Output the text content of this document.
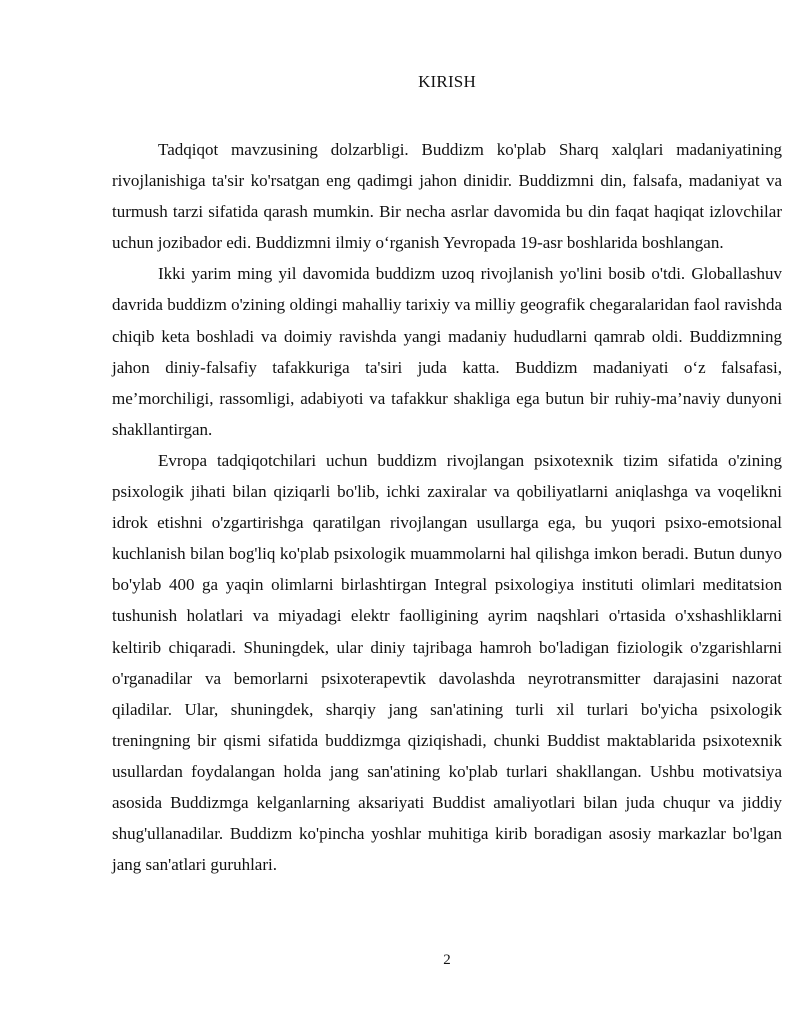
KIRISH

Tadqiqot mavzusining dolzarbligi. Buddizm ko'plab Sharq xalqlari madaniyatining rivojlanishiga ta'sir ko'rsatgan eng qadimgi jahon dinidir. Buddizmni din, falsafa, madaniyat va turmush tarzi sifatida qarash mumkin. Bir necha asrlar davomida bu din faqat haqiqat izlovchilar uchun jozibador edi. Buddizmni ilmiy o‘rganish Yevropada 19-asr boshlarida boshlangan.

Ikki yarim ming yil davomida buddizm uzoq rivojlanish yo'lini bosib o'tdi. Globallashuv davrida buddizm o'zining oldingi mahalliy tarixiy va milliy geografik chegaralaridan faol ravishda chiqib keta boshladi va doimiy ravishda yangi madaniy hududlarni qamrab oldi. Buddizmning jahon diniy-falsafiy tafakkuriga ta'siri juda katta. Buddizm madaniyati o‘z falsafasi, me’morchiligi, rassomligi, adabiyoti va tafakkur shakliga ega butun bir ruhiy-ma’naviy dunyoni shakllantirgan.

Evropa tadqiqotchilari uchun buddizm rivojlangan psixotexnik tizim sifatida o'zining psixologik jihati bilan qiziqarli bo'lib, ichki zaxiralar va qobiliyatlarni aniqlashga va voqelikni idrok etishni o'zgartirishga qaratilgan rivojlangan usullarga ega, bu yuqori psixo-emotsional kuchlanish bilan bog'liq ko'plab psixologik muammolarni hal qilishga imkon beradi. Butun dunyo bo'ylab 400 ga yaqin olimlarni birlashtirgan Integral psixologiya instituti olimlari meditatsion tushunish holatlari va miyadagi elektr faolligining ayrim naqshlari o'rtasida o'xshashliklarni keltirib chiqaradi. Shuningdek, ular diniy tajribaga hamroh bo'ladigan fiziologik o'zgarishlarni o'rganadilar va bemorlarni psixoterapevtik davolashda neyrotransmitter darajasini nazorat qiladilar. Ular, shuningdek, sharqiy jang san'atining turli xil turlari bo'yicha psixologik treningning bir qismi sifatida buddizmga qiziqishadi, chunki Buddist maktablarida psixotexnik usullardan foydalangan holda jang san'atining ko'plab turlari shakllangan. Ushbu motivatsiya asosida Buddizmga kelganlarning aksariyati Buddist amaliyotlari bilan juda chuqur va jiddiy shug'ullanadilar. Buddizm ko'pincha yoshlar muhitiga kirib boradigan asosiy markazlar bo'lgan jang san'atlari guruhlari.

2
